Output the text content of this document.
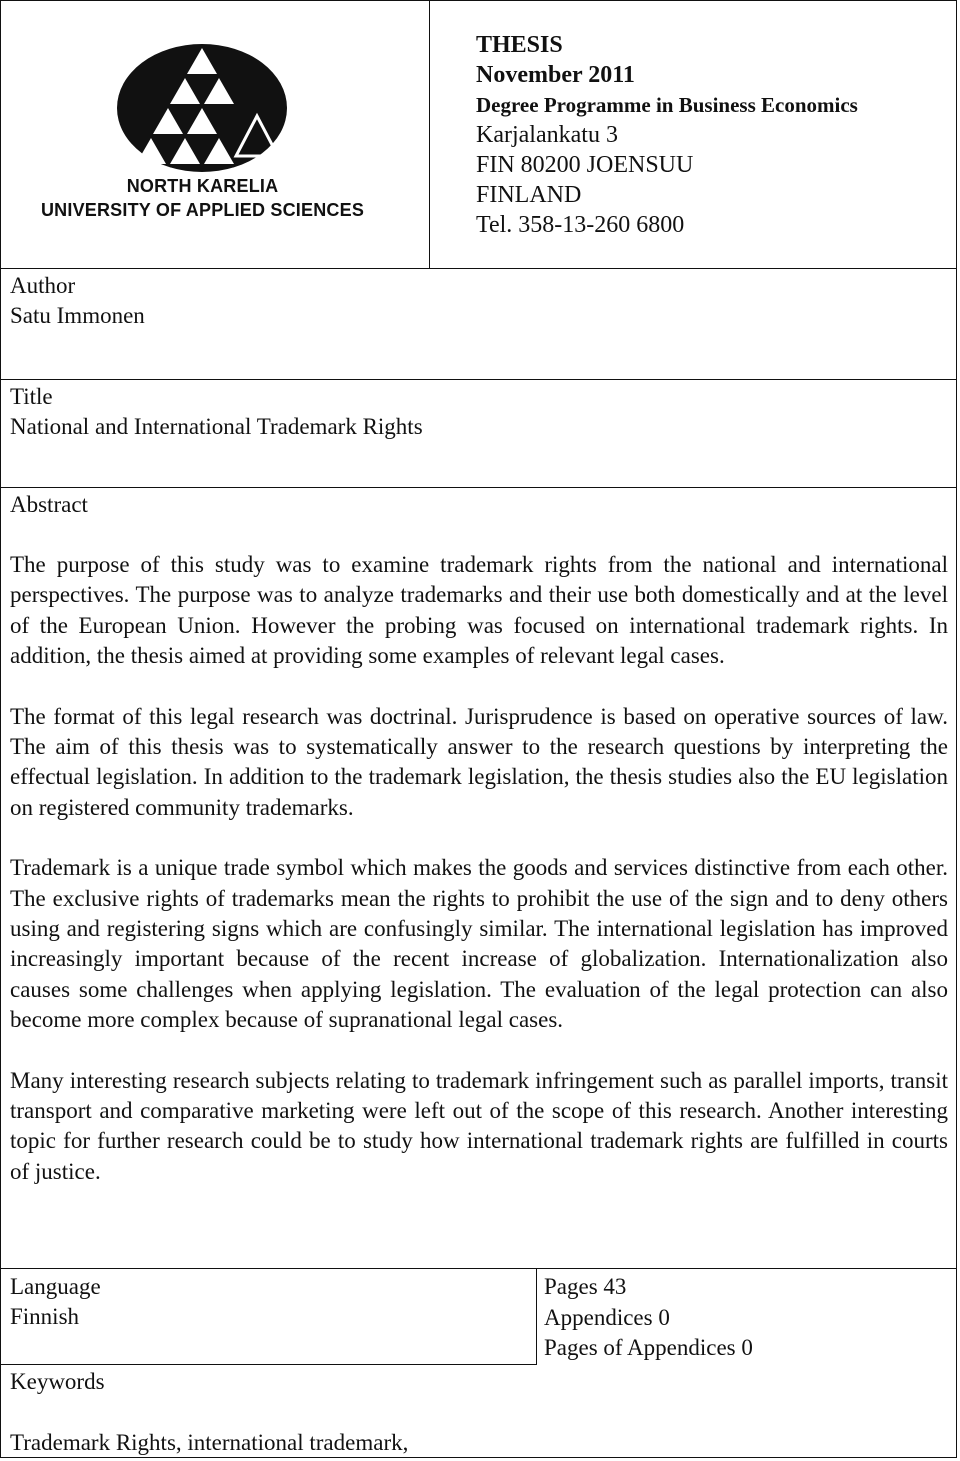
NORTH KARELIA
UNIVERSITY OF APPLIED SCIENCES
THESIS
November 2011
Degree Programme in Business Economics
Karjalankatu 3
FIN 80200 JOENSUU
FINLAND
Tel. 358-13-260 6800
Author
Satu Immonen
Title
National and International Trademark Rights
Abstract

The purpose of this study was to examine trademark rights from the national and international perspectives. The purpose was to analyze trademarks and their use both domestically and at the level of the European Union. However the probing was focused on international trademark rights. In addition, the thesis aimed at providing some examples of relevant legal cases.

The format of this legal research was doctrinal. Jurisprudence is based on operative sources of law. The aim of this thesis was to systematically answer to the research questions by interpreting the effectual legislation. In addition to the trademark legislation, the thesis studies also the EU legislation on registered community trademarks.

Trademark is a unique trade symbol which makes the goods and services distinctive from each other. The exclusive rights of trademarks mean the rights to prohibit the use of the sign and to deny others using and registering signs which are confusingly similar. The international legislation has improved increasingly important because of the recent increase of globalization. Internationalization also causes some challenges when applying legislation. The evaluation of the legal protection can also become more complex because of supranational legal cases.

Many interesting research subjects relating to trademark infringement such as parallel imports, transit transport and comparative marketing were left out of the scope of this research. Another interesting topic for further research could be to study how international trademark rights are fulfilled in courts of justice.

Language
Finnish
Pages 43
Appendices 0
Pages of Appendices 0
Keywords
Trademark Rights, international trademark,
